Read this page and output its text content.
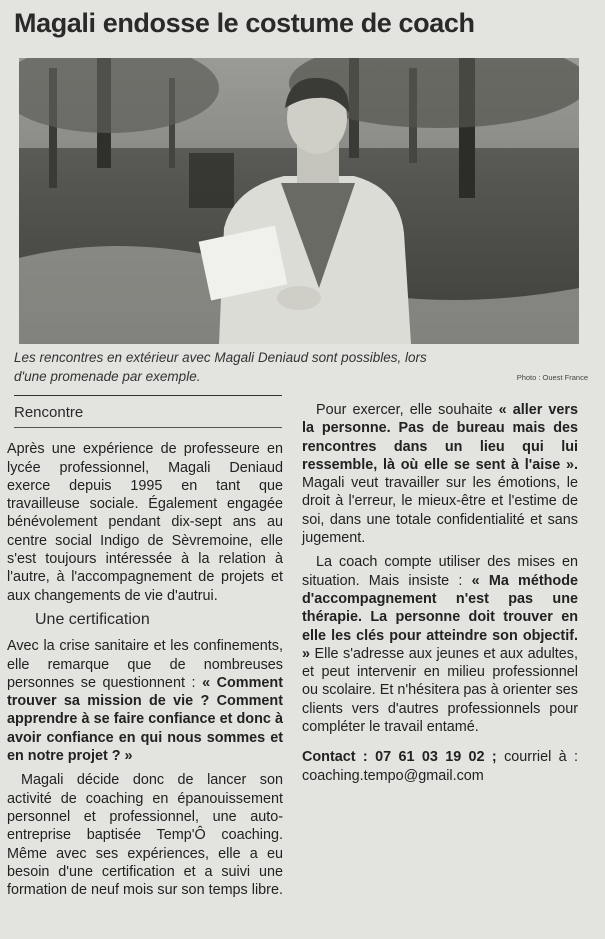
Magali endosse le costume de coach
Les rencontres en extérieur avec Magali Deniaud sont possibles, lors d'une promenade par exemple.	Photo : Ouest France
Rencontre

Après une expérience de professeure en lycée professionnel, Magali Deniaud exerce depuis 1995 en tant que travailleuse sociale. Également engagée bénévolement pendant dix-sept ans au centre social Indigo de Sèvremoine, elle s'est toujours intéressée à la relation à l'autre, à l'accompagnement de projets et aux changements de vie d'autrui.

Une certification

Avec la crise sanitaire et les confinements, elle remarque que de nombreuses personnes se questionnent : « Comment trouver sa mission de vie ? Comment apprendre à se faire confiance et donc à avoir confiance en qui nous sommes et en notre projet ? »

Magali décide donc de lancer son activité de coaching en épanouissement personnel et professionnel, une auto-entreprise baptisée Temp'Ô coaching. Même avec ses expériences, elle a eu besoin d'une certification et a suivi une formation de neuf mois sur son temps libre.

Pour exercer, elle souhaite « aller vers la personne. Pas de bureau mais des rencontres dans un lieu qui lui ressemble, là où elle se sent à l'aise ». Magali veut travailler sur les émotions, le droit à l'erreur, le mieux-être et l'estime de soi, dans une totale confidentialité et sans jugement.

La coach compte utiliser des mises en situation. Mais insiste : « Ma méthode d'accompagnement n'est pas une thérapie. La personne doit trouver en elle les clés pour atteindre son objectif. » Elle s'adresse aux jeunes et aux adultes, et peut intervenir en milieu professionnel ou scolaire. Et n'hésitera pas à orienter ses clients vers d'autres professionnels pour compléter le travail entamé.

Contact : 07 61 03 19 02 ; courriel à : coaching.tempo@gmail.com
